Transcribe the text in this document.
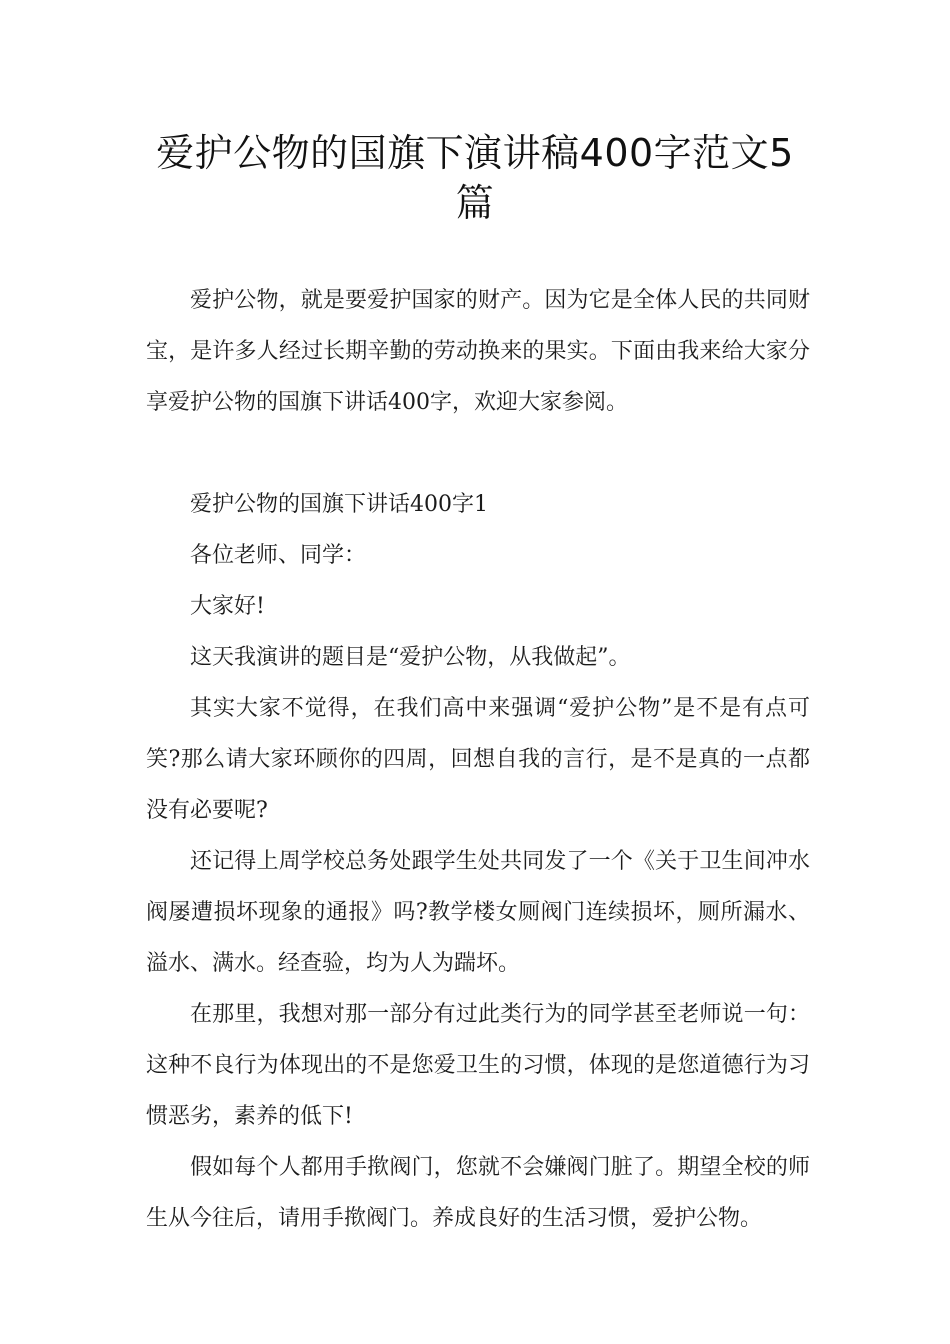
爱护公物的国旗下演讲稿400字范文5
篇

爱护公物，就是要爱护国家的财产。因为它是全体人民的共同财宝，是许多人经过长期辛勤的劳动换来的果实。下面由我来给大家分享爱护公物的国旗下讲话400字，欢迎大家参阅。

爱护公物的国旗下讲话400字1

各位老师、同学：

大家好!

这天我演讲的题目是“爱护公物，从我做起”。

其实大家不觉得，在我们高中来强调“爱护公物”是不是有点可笑?那么请大家环顾你的四周，回想自我的言行，是不是真的一点都没有必要呢?

还记得上周学校总务处跟学生处共同发了一个《关于卫生间冲水阀屡遭损坏现象的通报》吗?教学楼女厕阀门连续损坏，厕所漏水、溢水、满水。经查验，均为人为踹坏。

在那里，我想对那一部分有过此类行为的同学甚至老师说一句：这种不良行为体现出的不是您爱卫生的习惯，体现的是您道德行为习惯恶劣，素养的低下!

假如每个人都用手揿阀门，您就不会嫌阀门脏了。期望全校的师生从今往后，请用手揿阀门。养成良好的生活习惯，爱护公物。
